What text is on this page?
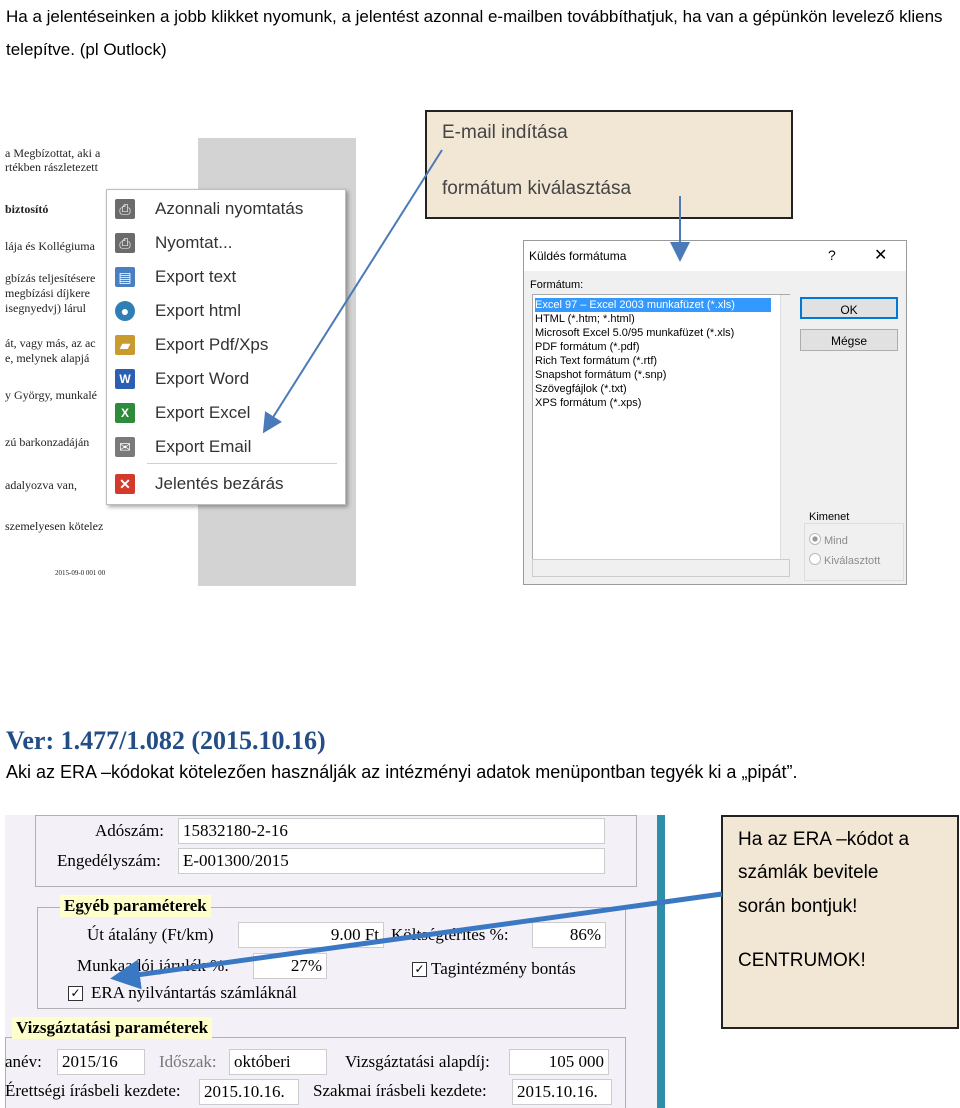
Ha a jelentéseinken a jobb klikket nyomunk, a jelentést azonnal e-mailben továbbíthatjuk, ha van a gépünkön levelező kliens telepítve. (pl Outlock)
a Megbízottat, aki a
rtékben rászletezett
biztosító
lája és Kollégiuma
gbízás teljesítésere
megbízási díjkere
isegnyedvj) lárul
át, vagy más, az ac
e, melynek alapjá
y György, munkalé
zú barkonzadáján
adalyozva van,
szemelyesen kötelez
2015-09-0 001 00
⎙ Azonnali nyomtatás
⎙ Nyomtat...
▤ Export text
●	Export html
▰ Export Pdf/Xps
W Export Word
X	Export Excel
✉ Export Email
✕ Jelentés bezárás
E-mail indítása
formátum kiválasztása
Küldés formátuma	? ✕
Formátum:
Excel 97 – Excel 2003 munkafüzet (*.xls)
HTML (*.htm; *.html)
Microsoft Excel 5.0/95 munkafüzet (*.xls)
PDF formátum (*.pdf)
Rich Text formátum (*.rtf)
Snapshot formátum (*.snp)
Szövegfájlok (*.txt)
XPS formátum (*.xps)
OK
Mégse
Kimenet
Mind
Kiválasztott
Ver: 1.477/1.082 (2015.10.16)
Aki az ERA –kódokat kötelezően használják az intézményi adatok menüpontban tegyék ki a „pipát”.
Adószám: 15832180-2-16
Engedélyszám: E-001300/2015
Egyéb paraméterek
Út átalány (Ft/km)	9.00 Ft Költségtérítés %:	86%
Munkaadói járulék %:	27%	✓ Tagintézmény bontás
✓ ERA nyilvántartás számláknál
Vizsgáztatási paraméterek
anév: 2015/16	Időszak: októberi	Vizsgáztatási alapdíj:	105 000
Érettségi írásbeli kezdete: 2015.10.16.	Szakmai írásbeli kezdete: 2015.10.16.
Ha az ERA –kódot a
számlák bevitele
során bontjuk!
CENTRUMOK!
